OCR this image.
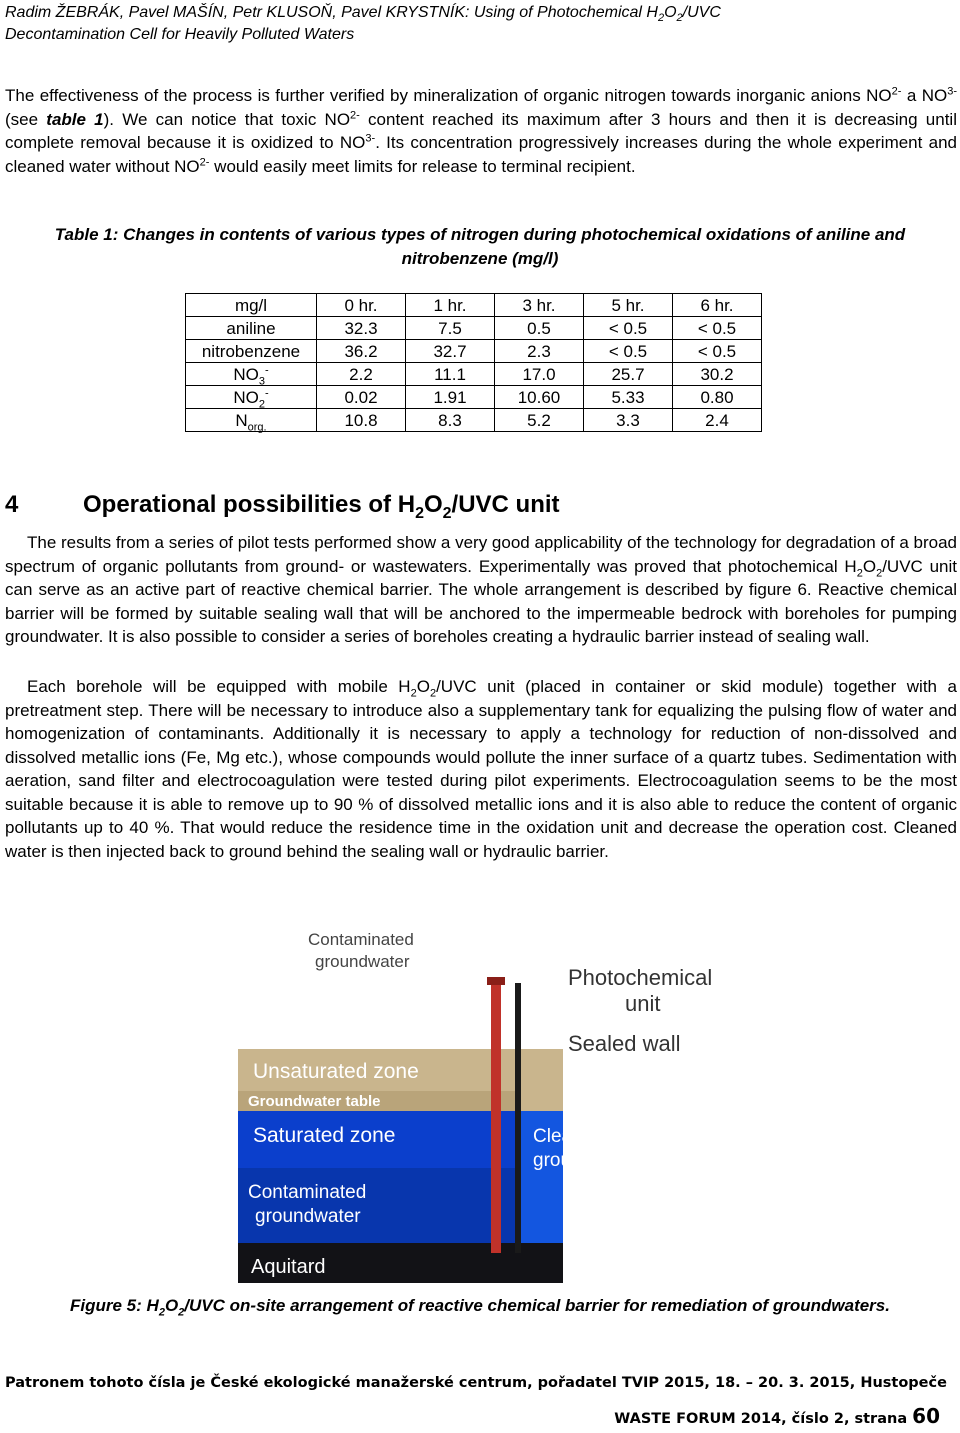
Radim ŽEBRÁK, Pavel MAŠÍN, Petr KLUSOŇ, Pavel KRYSTNÍK: Using of Photochemical $H_2O_2$/UVC
Decontamination Cell for Heavily Polluted Waters
The effectiveness of the process is further verified by mineralization of organic nitrogen towards inorganic anions $NO^{2-}$ a $NO^{3-}$ (see table 1). We can notice that toxic $NO^{2-}$ content reached its maximum after 3 hours and then it is decreasing until complete removal because it is oxidized to $NO^{3-}$. Its concentration progressively increases during the whole experiment and cleaned water without $NO^{2-}$ would easily meet limits for release to terminal recipient.
Table 1: Changes in contents of various types of nitrogen during photochemical oxidations of aniline and nitrobenzene (mg/l)
mg/l	0 hr.	1 hr.	3 hr.	5 hr.	6 hr.
aniline	32.3	7.5	0.5	< 0.5	< 0.5
nitrobenzene	36.2	32.7	2.3	< 0.5	< 0.5
$NO_3^-$	2.2	11.1	17.0	25.7	30.2
$NO_2^-$	0.02	1.91	10.60	5.33	0.80
$N_{org.}$	10.8	8.3	5.2	3.3	2.4
4	Operational possibilities of $H_2O_2$/UVC unit
The results from a series of pilot tests performed show a very good applicability of the technology for degradation of a broad spectrum of organic pollutants from ground- or wastewaters. Experimentally was proved that photochemical $H_2O_2$/UVC unit can serve as an active part of reactive chemical barrier. The whole arrangement is described by figure 6. Reactive chemical barrier will be formed by suitable sealing wall that will be anchored to the impermeable bedrock with boreholes for pumping groundwater. It is also possible to consider a series of boreholes creating a hydraulic barrier instead of sealing wall.
Each borehole will be equipped with mobile $H_2O_2$/UVC unit (placed in container or skid module) together with a pretreatment step. There will be necessary to introduce also a supplementary tank for equalizing the pulsing flow of water and homogenization of contaminants. Additionally it is necessary to apply a technology for reduction of non-dissolved and dissolved metallic ions (Fe, Mg etc.), whose compounds would pollute the inner surface of a quartz tubes. Sedimentation with aeration, sand filter and electrocoagulation were tested during pilot experiments. Electrocoagulation seems to be the most suitable because it is able to remove up to 90 % of dissolved metallic ions and it is also able to reduce the content of organic pollutants up to 40 %. That would reduce the residence time in the oxidation unit and decrease the operation cost. Cleaned water is then injected back to ground behind the sealing wall or hydraulic barrier.
Contaminated
groundwater
Photochemical
unit
Sealed wall
Unsaturated zone
Groundwater table
Saturated zone	Cleaned
groundwater
Contaminated
groundwater
Aquitard
Figure 5: $H_2O_2$/UVC on-site arrangement of reactive chemical barrier for remediation of groundwaters.
Patronem tohoto čísla je České ekologické manažerské centrum, pořadatel TVIP 2015, 18. – 20. 3. 2015, Hustopeče
WASTE FORUM 2014, číslo 2, strana 60
